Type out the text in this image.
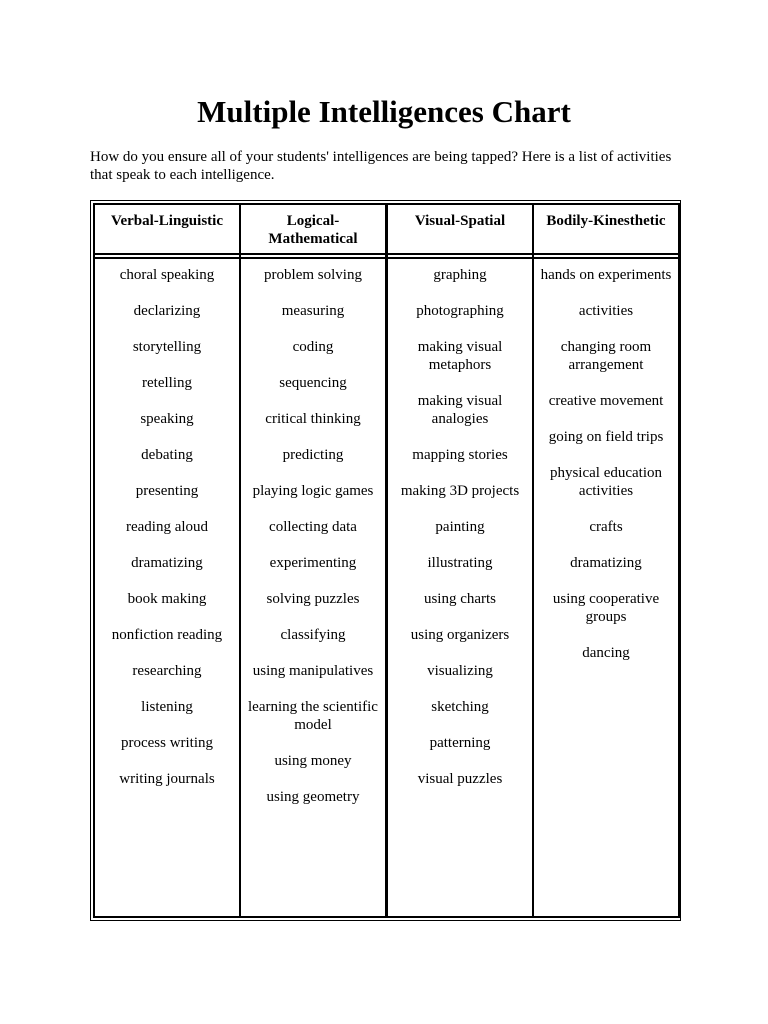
Multiple Intelligences Chart

How do you ensure all of your students' intelligences are being tapped? Here is a list of activities that speak to each intelligence.

Verbal-Linguistic
choral speaking
declarizing
storytelling
retelling
speaking
debating
presenting
reading aloud
dramatizing
book making
nonfiction reading
researching
listening
process writing
writing journals
Logical-Mathematical
problem solving
measuring
coding
sequencing
critical thinking
predicting
playing logic games
collecting data
experimenting
solving puzzles
classifying
using manipulatives
learning the scientific model
using money
using geometry
Visual-Spatial
graphing
photographing
making visual metaphors
making visual analogies
mapping stories
making 3D projects
painting
illustrating
using charts
using organizers
visualizing
sketching
patterning
visual puzzles
Bodily-Kinesthetic
hands on experiments
activities
changing room arrangement
creative movement
going on field trips
physical education activities
crafts
dramatizing
using cooperative groups
dancing
